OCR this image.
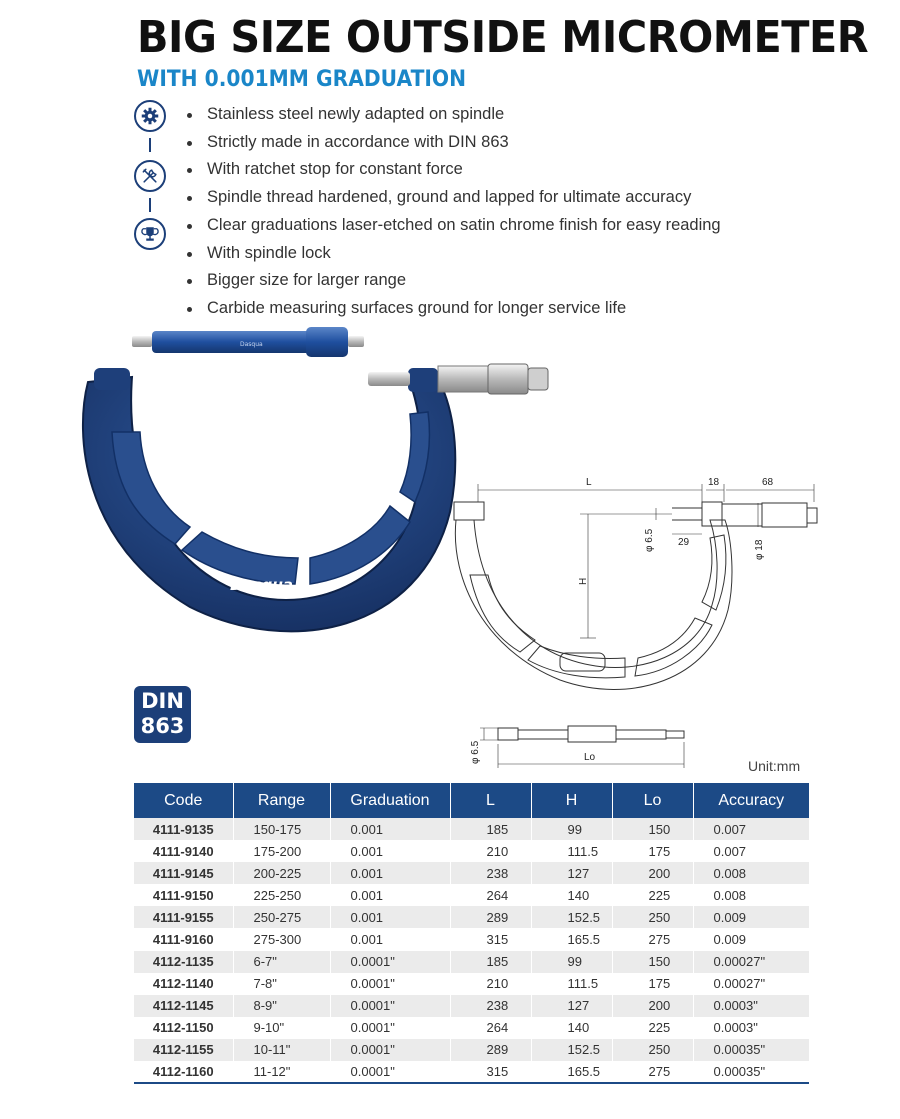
BIG SIZE OUTSIDE MICROMETER
WITH 0.001MM GRADUATION
Stainless steel newly adapted on spindle
Strictly made in accordance with DIN 863
With ratchet stop for constant force
Spindle thread hardened, ground and lapped for ultimate accuracy
Clear graduations laser-etched on satin chrome finish for easy reading
With spindle lock
Bigger size for larger range
Carbide measuring surfaces ground for longer service life
Dasqua
Dasqua
L	18	68
29
φ 6.5	φ 18
H
φ 6.5	Lo
DIN
863
Unit:mm
Code	Range	Graduation	L	H	Lo	Accuracy
4111-9135	150-175	0.001	185	99	150	0.007
4111-9140	175-200	0.001	210	111.5	175	0.007
4111-9145	200-225	0.001	238	127	200	0.008
4111-9150	225-250	0.001	264	140	225	0.008
4111-9155	250-275	0.001	289	152.5	250	0.009
4111-9160	275-300	0.001	315	165.5	275	0.009
4112-1135	6-7"	0.0001"	185	99	150	0.00027"
4112-1140	7-8"	0.0001"	210	111.5	175	0.00027"
4112-1145	8-9"	0.0001"	238	127	200	0.0003"
4112-1150	9-10"	0.0001"	264	140	225	0.0003"
4112-1155	10-11"	0.0001"	289	152.5	250	0.00035"
4112-1160	11-12"	0.0001"	315	165.5	275	0.00035"
